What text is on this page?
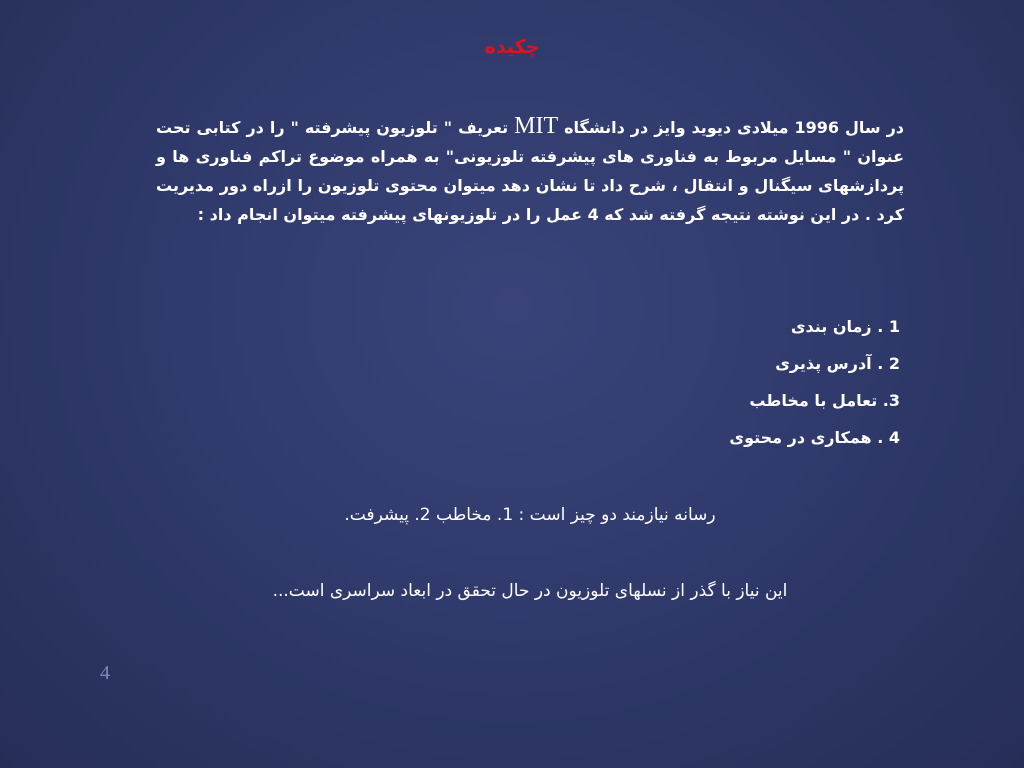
چکیده

در سال 1996 میلادی دیوید وایز در دانشگاه MIT تعریف " تلوزیون پیشرفته " را در کتابی تحت عنوان " مسایل مربوط به فناوری های پیشرفته تلوزیونی" به همراه موضوع تراکم فناوری ها و پردازشهای سیگنال و انتقال ، شرح داد تا نشان دهد میتوان محتوی تلوزیون را ازراه دور مدیریت کرد . در این نوشته نتیجه گرفته شد که 4 عمل را در تلوزیونهای پیشرفته میتوان انجام داد :

1 . زمان بندی
2 . آدرس پذیری
3. تعامل با مخاطب
4 . همکاری در محتوی

رسانه نیازمند دو چیز است : 1. مخاطب 2. پیشرفت.

این نیاز با گذر از نسلهای تلوزیون در حال تحقق در ابعاد سراسری است...

4
